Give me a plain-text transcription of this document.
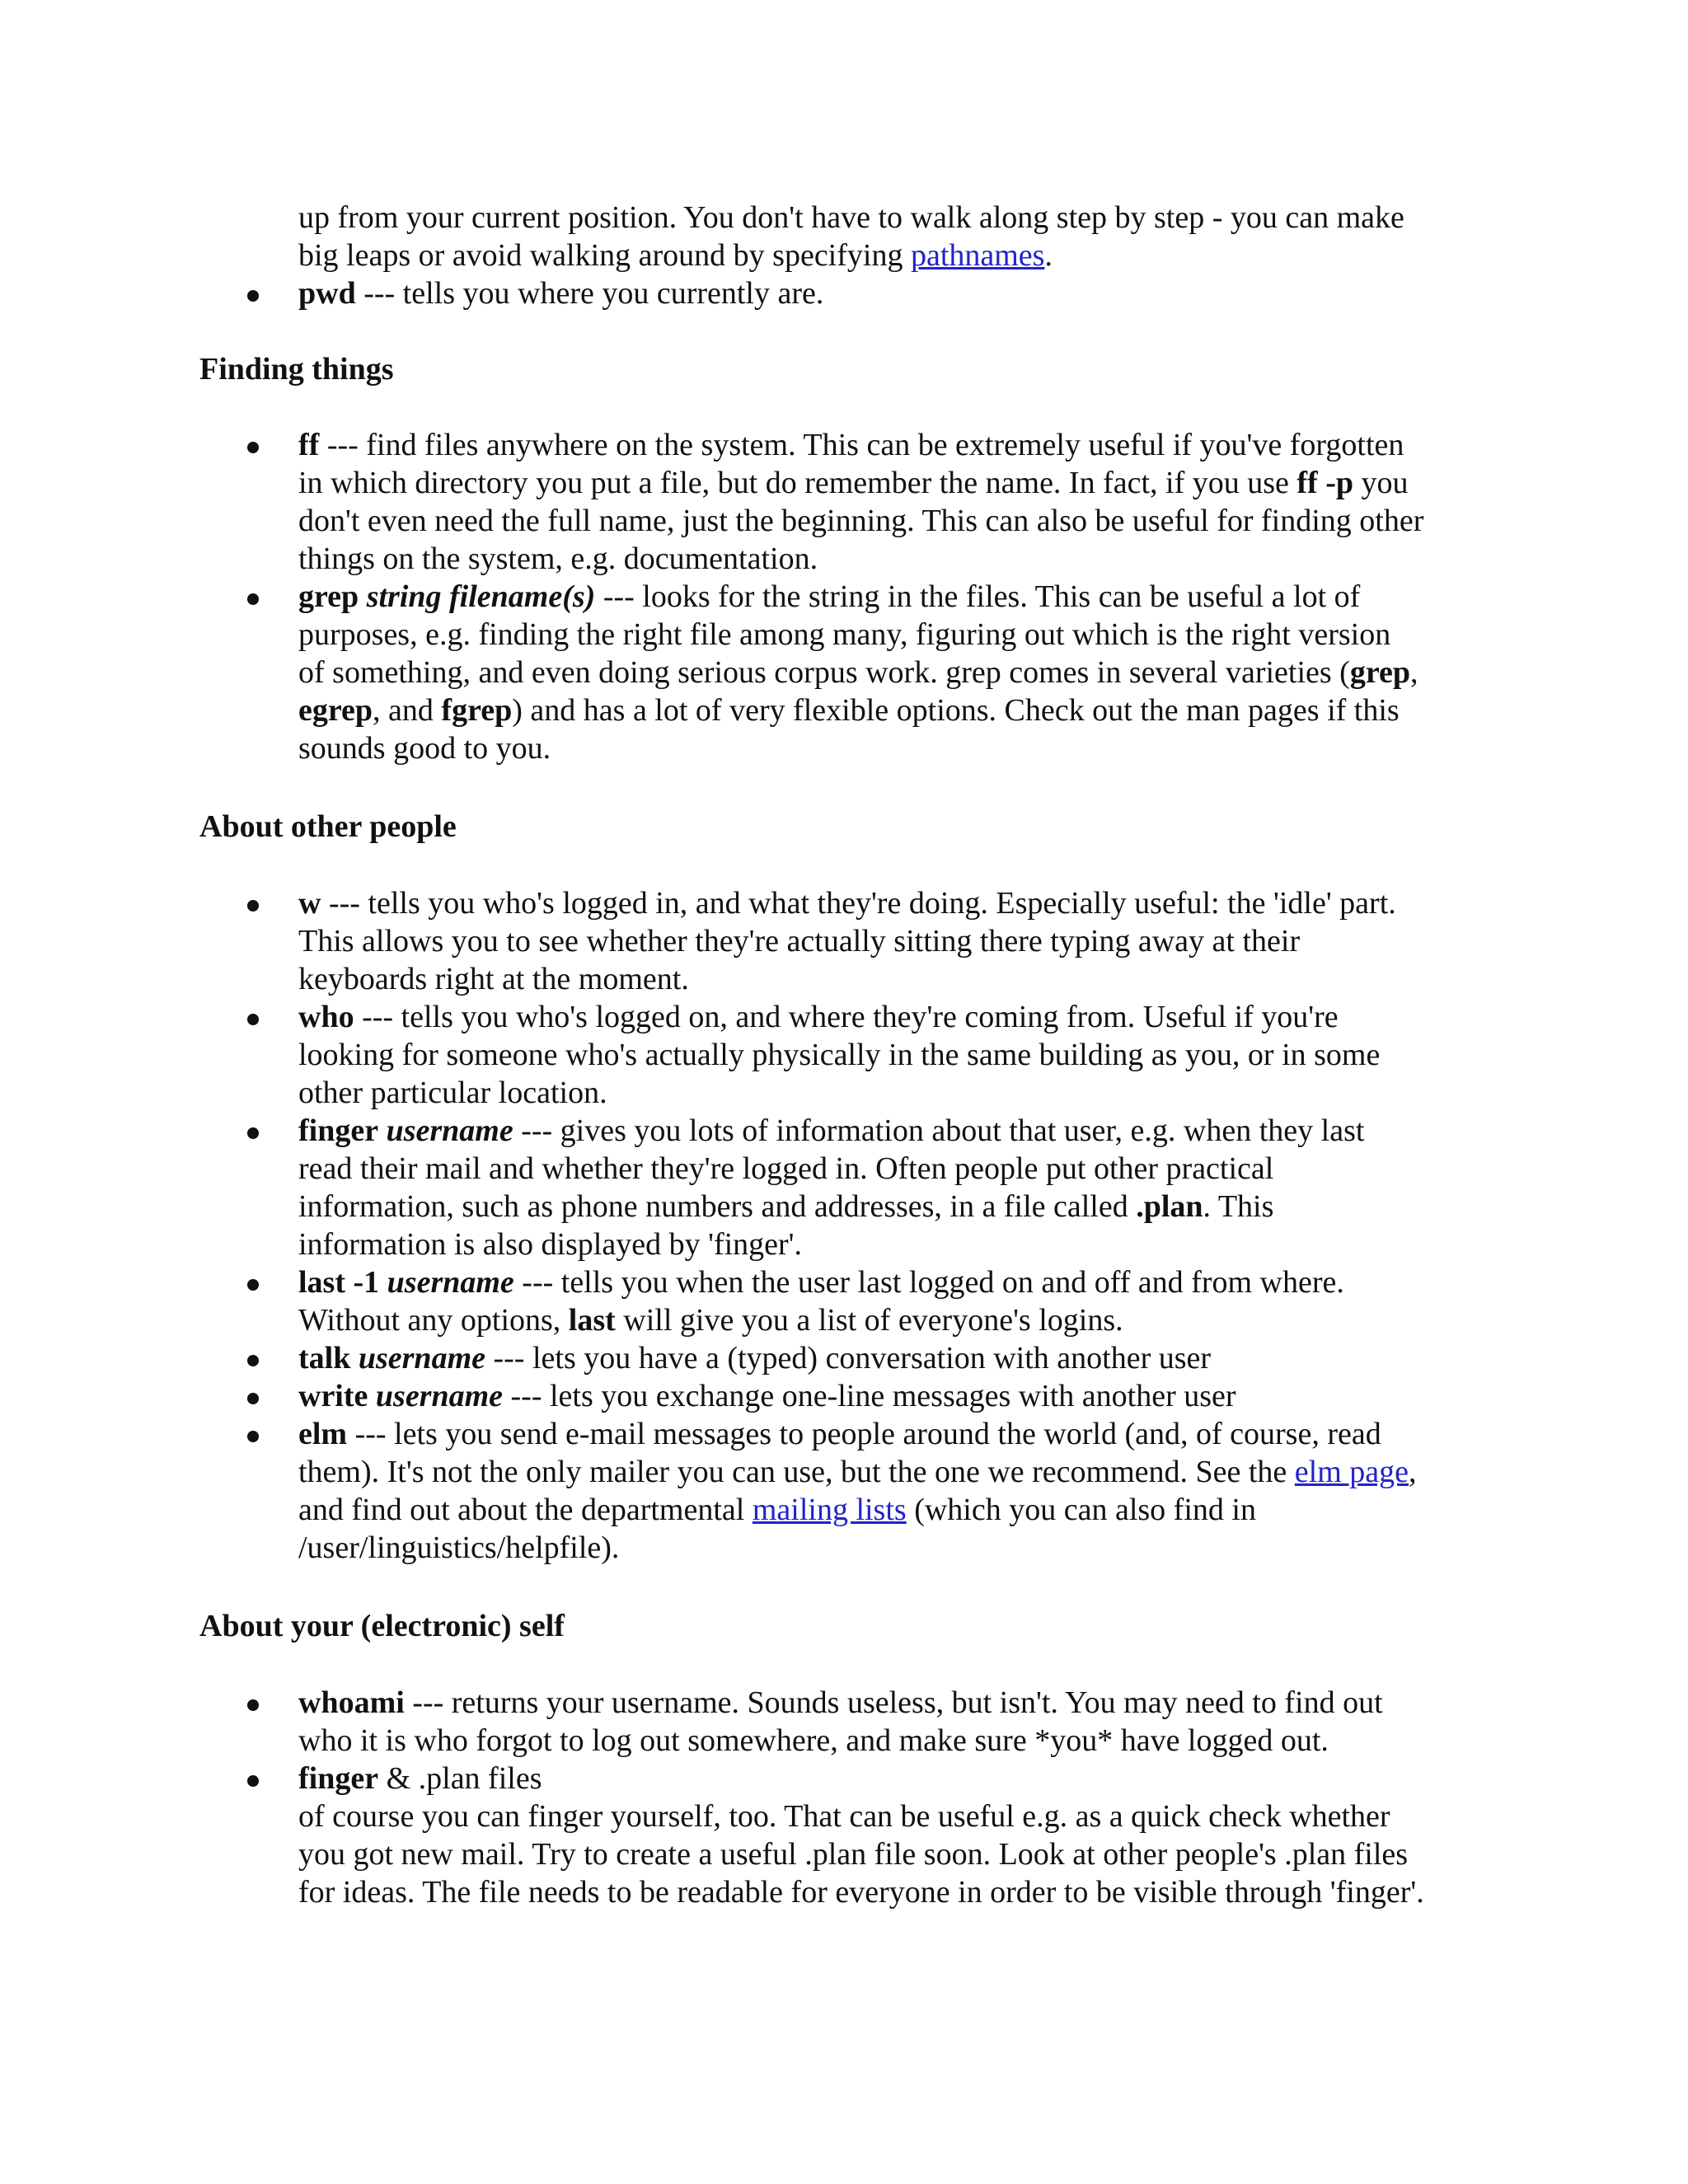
up from your current position. You don't have to walk along step by step - you can make
big leaps or avoid walking around by specifying pathnames.
pwd --- tells you where you currently are.
Finding things
ff --- find files anywhere on the system. This can be extremely useful if you've forgotten
in which directory you put a file, but do remember the name. In fact, if you use ff -p you
don't even need the full name, just the beginning. This can also be useful for finding other
things on the system, e.g. documentation.
grep string filename(s) --- looks for the string in the files. This can be useful a lot of
purposes, e.g. finding the right file among many, figuring out which is the right version
of something, and even doing serious corpus work. grep comes in several varieties (grep,
egrep, and fgrep) and has a lot of very flexible options. Check out the man pages if this
sounds good to you.
About other people
w --- tells you who's logged in, and what they're doing. Especially useful: the 'idle' part.
This allows you to see whether they're actually sitting there typing away at their
keyboards right at the moment.
who --- tells you who's logged on, and where they're coming from. Useful if you're
looking for someone who's actually physically in the same building as you, or in some
other particular location.
finger username --- gives you lots of information about that user, e.g. when they last
read their mail and whether they're logged in. Often people put other practical
information, such as phone numbers and addresses, in a file called .plan. This
information is also displayed by 'finger'.
last -1 username --- tells you when the user last logged on and off and from where.
Without any options, last will give you a list of everyone's logins.
talk username --- lets you have a (typed) conversation with another user
write username --- lets you exchange one-line messages with another user
elm --- lets you send e-mail messages to people around the world (and, of course, read
them). It's not the only mailer you can use, but the one we recommend. See the elm page,
and find out about the departmental mailing lists (which you can also find in
/user/linguistics/helpfile).
About your (electronic) self
whoami --- returns your username. Sounds useless, but isn't. You may need to find out
who it is who forgot to log out somewhere, and make sure *you* have logged out.
finger & .plan files
of course you can finger yourself, too. That can be useful e.g. as a quick check whether
you got new mail. Try to create a useful .plan file soon. Look at other people's .plan files
for ideas. The file needs to be readable for everyone in order to be visible through 'finger'.
